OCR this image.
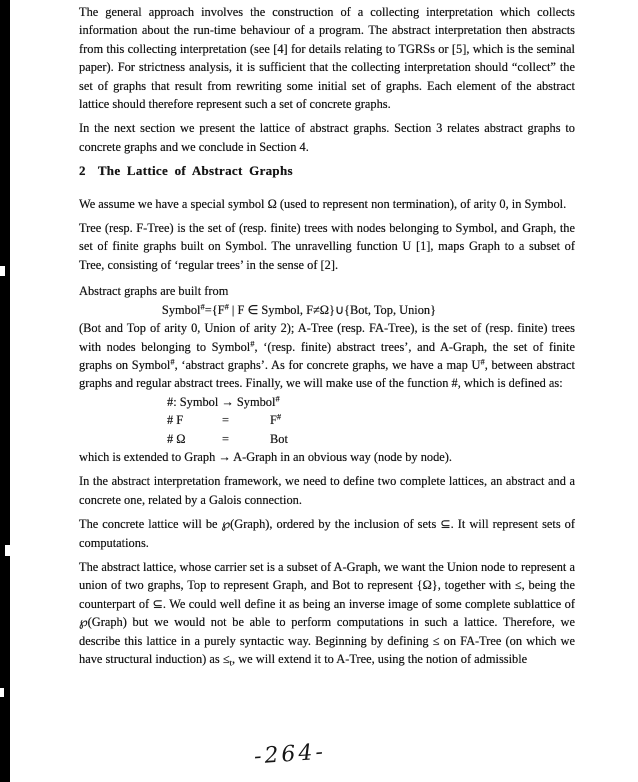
The general approach involves the construction of a collecting interpretation which collects information about the run-time behaviour of a program. The abstract interpretation then abstracts from this collecting interpretation (see [4] for details relating to TGRSs or [5], which is the seminal paper). For strictness analysis, it is sufficient that the collecting interpretation should “collect” the set of graphs that result from rewriting some initial set of graphs. Each element of the abstract lattice should therefore represent such a set of concrete graphs.

In the next section we present the lattice of abstract graphs. Section 3 relates abstract graphs to concrete graphs and we conclude in Section 4.

2 The Lattice of Abstract Graphs

We assume we have a special symbol Ω (used to represent non termination), of arity 0, in Symbol.

Tree (resp. F-Tree) is the set of (resp. finite) trees with nodes belonging to Symbol, and Graph, the set of finite graphs built on Symbol. The unravelling function U [1], maps Graph to a subset of Tree, consisting of ‘regular trees’ in the sense of [2].

Abstract graphs are built from

Symbol#={F# | F ∈ Symbol, F≠Ω}∪{Bot, Top, Union}

(Bot and Top of arity 0, Union of arity 2); A-Tree (resp. FA-Tree), is the set of (resp. finite) trees with nodes belonging to Symbol#, ‘(resp. finite) abstract trees’, and A-Graph, the set of finite graphs on Symbol#, ‘abstract graphs’. As for concrete graphs, we have a map U#, between abstract graphs and regular abstract trees. Finally, we will make use of the function #, which is defined as:

#: Symbol → Symbol#
# F	=	F#
# Ω	=	Bot

which is extended to Graph → A-Graph in an obvious way (node by node).

In the abstract interpretation framework, we need to define two complete lattices, an abstract and a concrete one, related by a Galois connection.

The concrete lattice will be ℘(Graph), ordered by the inclusion of sets ⊆. It will represent sets of computations.

The abstract lattice, whose carrier set is a subset of A-Graph, we want the Union node to represent a union of two graphs, Top to represent Graph, and Bot to represent {Ω}, together with ≤, being the counterpart of ⊆. We could well define it as being an inverse image of some complete sublattice of ℘(Graph) but we would not be able to perform computations in such a lattice. Therefore, we describe this lattice in a purely syntactic way. Beginning by defining ≤ on FA-Tree (on which we have structural induction) as $\le_t$, we will extend it to A-Tree, using the notion of admissible

-264-
